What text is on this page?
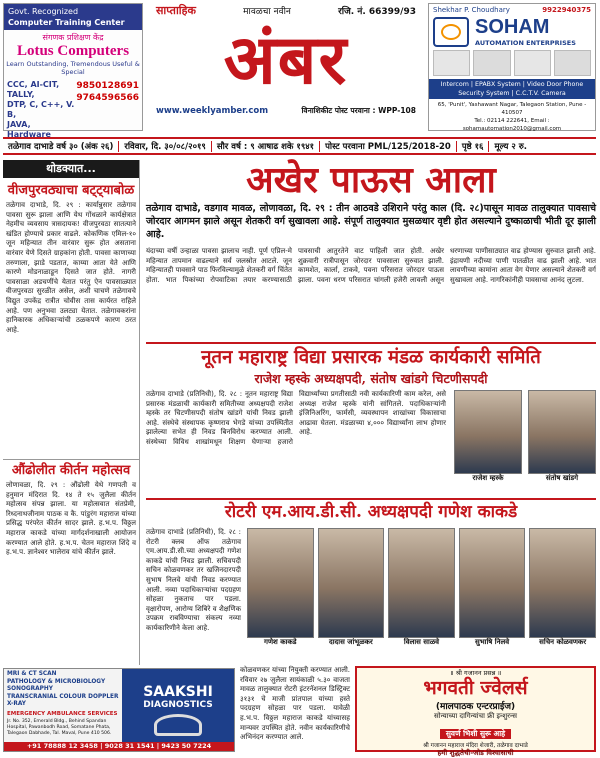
Govt. Recognized
Computer Training Center
संगणक प्रशिक्षण केंद्र
Lotus Computers
Learn Outstanding, Tremendous Useful & Special
CCC, AI-CIT, TALLY,
DTP, C, C++, V. B,
JAVA, Hardware
9850128691
9764596566
साप्ताहिक	मावळचा नवीन	रजि. नं. 66399/93
अंबर
www.weeklyamber.com	विनाशिकीट पोस्ट परवाना : WPP-108
Shekhar P. Choudhary	9922940375
SOHAM
AUTOMATION ENTERPRISES
Intercom | EPABX System | Video Door Phone
Security System | C.C.T.V. Camera
65, 'Punit', Yashawant Nagar, Talegaon Station, Pune - 410507
Tel.: 02114 222641, Email : sohamautomation2010@gmail.com
तळेगाव दाभाडे वर्ष ३० (अंक २६)	रविवार, दि. ३०/०८/२०१९	सौर वर्ष : ९ आषाढ शके १९४१	पोस्ट परवाना PML/125/2018-20	पृष्ठे १६	मूल्य २ रु.
थोडक्यात...
वीजपुरवठ्याचा बट्ट्याबोळ
तळेगाव दाभाडे, दि. २९ : कार्यान्नुसार तळेगाव पावसा सुरू झाला आणि येथ गोंधळाने कार्यक्षेत्रात नेहमीच व्यवसाय त्रासदायक! वीजपुरवठा सातत्याने खंडित होण्याचे प्रकार वाढले. कोकणिक एमिल-१० जून महिन्यात तीन वारंवार सुरू होत असताना वारंवार येणे दिसते ग्राहकांना होती. पावसा काणाच्या तरुणाला, झाडे पडतात, काय्या आता येते आणि कारणे मोडनाळाडून दिसते जात होते. नागरी पावसाळा अडचणींचे येतात परंतु ऐन पावसाळ्यात वीजपुरवठा सुरळीत असेल, अशी चाचणे तळेगावचे विद्युत उपकेंद्र रात्रीत चोवीस तास कार्यरत राहिले आहे. पण अनुभवा उलट्या येतात. तळेगावकरांना हानिकारक अधिकाऱ्यांची ठळकपणे कारण ठरत आहे.
औंढोलीत कीर्तन महोत्सव
लोणावळा, दि. २९ : औंढोली येथे गणपती व हनुमान मंदिरात दि. १४ ते १५ जुलैला कीर्तन महोत्सव संपन्न झाला. या महोत्सवात संतप्रेमी, रिध्दनाथजीनाम पाठक व कै. पांडुरंग महाराज यांच्या प्रसिद्ध परंपरेत कीर्तन सादर झाले. ह.भ.प. विठ्ठल महाराज काकडे यांच्या मार्गदर्शनाखाली आयोजन करण्यात आले होते. ह.भ.प. चेतन महाराज शिंदे व ह.भ.प. ज्ञानेश्वर भालेराव यांचे कीर्तन झाले.
अखेर पाऊस आला
तळेगाव दाभाडे, वडगाव मावळ, लोणावळा, दि. २९ : तीन आठवडे उशिराने परंतु काल (दि. २८)पासून मावळ तालुक्यात पावसाचे जोरदार आगमन झाले असून शेतकरी वर्ग सुखावला आहे. संपूर्ण तालुक्यात मुसळधार वृष्टी होत असल्याने दुष्काळाची भीती दूर झाली आहे.
यंदाच्या वर्षी उन्हाळा पावसा झालाच नाही. पूर्ण एप्रिल-मे महिन्यात तापमान वाढल्याने सर्व जलस्रोत आटले. जून महिन्यातही पावसाने पाठ फिरविल्यामुळे शेतकरी वर्ग चिंतेत होता. भात पिकांच्या रोपवाटिका तयार करण्यासाठी पावसाची आतुरतेने वाट पाहिली जात होती. अखेर शुक्रवारी रात्रीपासून जोरदार पावसाला सुरुवात झाली. कामशेत, कार्ला, टाकवे, पवना परिसरात जोरदार पाऊस झाला. पवना धरण परिसरात चांगली हजेरी लावली असून धरणाच्या पाणीसाठ्यात वाढ होण्यास सुरुवात झाली आहे. इंद्रायणी नदीच्या पाणी पातळीत वाढ झाली आहे. भात लावणीच्या कामांना आता वेग येणार असल्याने शेतकरी वर्ग सुखावला आहे. नागरिकांनीही पावसाचा आनंद लुटला.
नूतन महाराष्ट्र विद्या प्रसारक मंडळ कार्यकारी समिति
राजेश म्हस्के अध्यक्षपदी, संतोष खांडगे चिटणीसपदी
तळेगाव दाभाडे (प्रतिनिधी), दि. २८ : नूतन महाराष्ट्र विद्या प्रसारक मंडळाची कार्यकारी समितीच्या अध्यक्षपदी राजेश म्हस्के तर चिटणीसपदी संतोष खांडगे यांची निवड झाली आहे. संस्थेचे संस्थापक कृष्णराव भेगडे यांच्या उपस्थितीत झालेल्या सभेत ही निवड बिनविरोध करण्यात आली. संस्थेच्या विविध शाखांमधून शिक्षण घेणाऱ्या हजारो विद्यार्थ्यांच्या प्रगतीसाठी नवी कार्यकारिणी काम करेल, असे अध्यक्ष राजेश म्हस्के यांनी सांगितले. पदाधिकाऱ्यांनी इंजिनिअरिंग, फार्मसी, व्यवस्थापन शाखांच्या विकासाचा आढावा घेतला. मंडळाच्या ४,००० विद्यार्थ्यांना लाभ होणार आहे.
राजेश म्हस्के	संतोष खांडगे
रोटरी एम.आय.डी.सी. अध्यक्षपदी गणेश काकडे
तळेगाव दाभाडे (प्रतिनिधी), दि. २८ : रोटरी क्लब ऑफ तळेगाव एम.आय.डी.सी.च्या अध्यक्षपदी गणेश काकडे यांची निवड झाली. सचिवपदी सचिन कोळवणकर तर खजिनदारपदी सुभाष निलवे यांची निवड करण्यात आली. नव्या पदाधिकाऱ्यांचा पदग्रहण सोहळा नुकताच पार पडला. वृक्षारोपण, आरोग्य शिबिरे व शैक्षणिक उपक्रम राबविण्याचा संकल्प नव्या कार्यकारिणीने केला आहे.
गणेश काकडे	दादास जांभूळकर	विलास साळवे	सुभाषि निलवे	सचिन कोळवणकर
MRI & CT SCAN
PATHOLOGY & MICROBIOLOGY
SONOGRAPHY
TRANSCRANIAL COLOUR DOPPLER
X-RAY
EMERGENCY AMBULANCE SERVICES
Jr. No. 352, Emerald Bldg., Behind Spandan Hospital, Pawanbodh Road, Somatane Phata, Talegaon Dabhade, Tal. Maval, Pune 410 506.
SAAKSHI
DIAGNOSTICS
+91 78888 12 3458 | 9028 31 1541 | 9423 50 7224
कोळवणकर यांच्या नियुक्ती करण्यात आली. रविवार २७ जुलैला सायंकाळी ५.३० वाजता मावळ तालुक्यात रोटरी इंटरनॅशनल डिस्ट्रिक्ट ३१३१ चे माजी प्रांतपाल यांच्या हस्ते पदग्रहण सोहळा पार पडला. यावेळी ह.भ.प. विठ्ठल महाराज काकडे यांच्यासह मान्यवर उपस्थित होते. नवीन कार्यकारिणीचे अभिनंदन करण्यात आले.
॥ श्री गजानन प्रसन्न ॥
भगवती ज्वेलर्स
(मालपाठक एन्टरप्राईज)
सोन्याच्या दागिन्यांचा फ्री इन्शुरन्स
सुवर्ण भिशी सुरू आहे
श्री गजानन महाराज मंदिरा शेजारी, तळेगाव दाभाडे
हमी शुद्धतेची-जोड विश्वासाची
